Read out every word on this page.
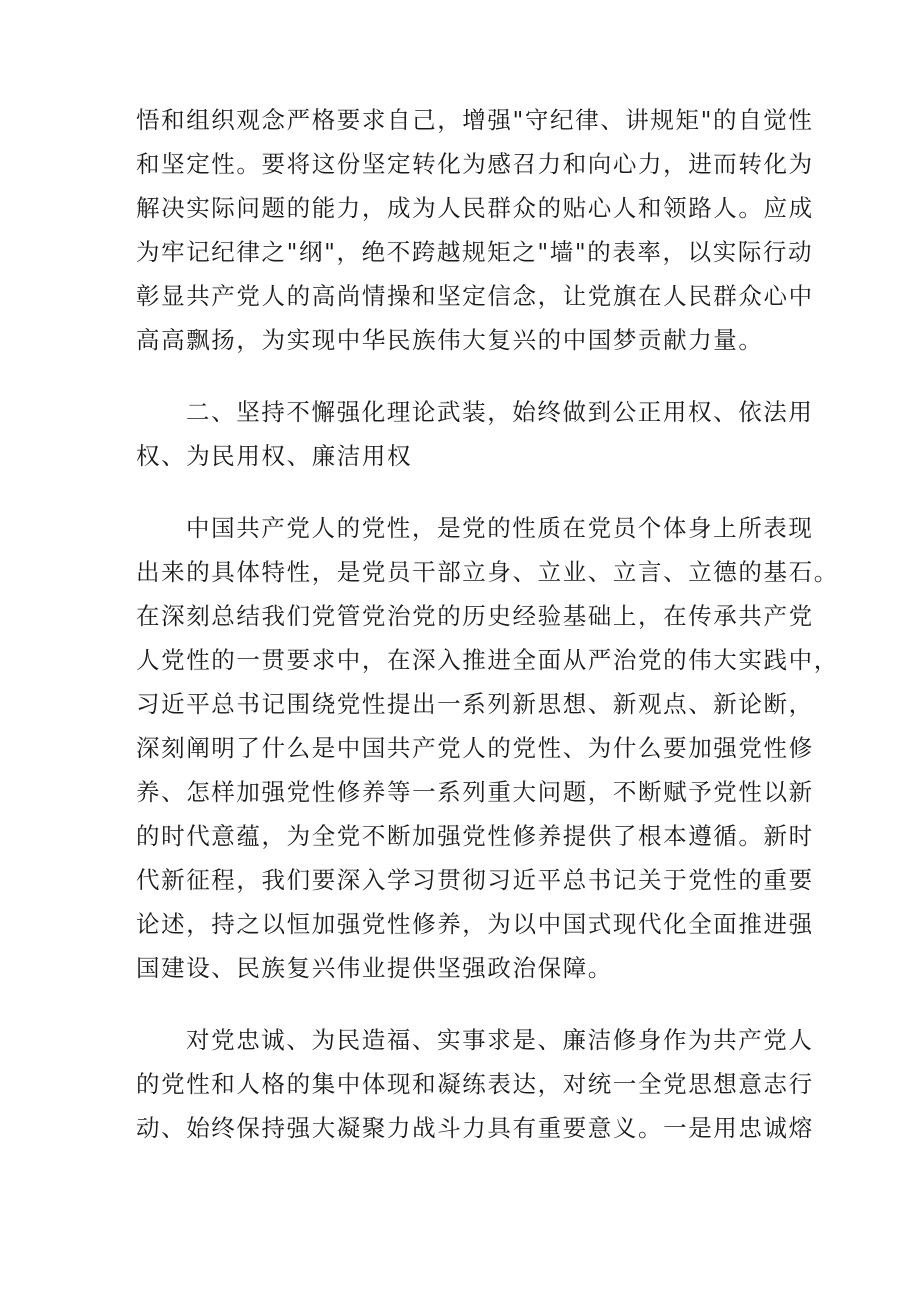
悟和组织观念严格要求自己，增强"守纪律、讲规矩"的自觉性
和坚定性。要将这份坚定转化为感召力和向心力，进而转化为
解决实际问题的能力，成为人民群众的贴心人和领路人。应成
为牢记纪律之"纲"，绝不跨越规矩之"墙"的表率，以实际行动
彰显共产党人的高尚情操和坚定信念，让党旗在人民群众心中
高高飘扬，为实现中华民族伟大复兴的中国梦贡献力量。
二、坚持不懈强化理论武装，始终做到公正用权、依法用
权、为民用权、廉洁用权
中国共产党人的党性，是党的性质在党员个体身上所表现
出来的具体特性，是党员干部立身、立业、立言、立德的基石。
在深刻总结我们党管党治党的历史经验基础上，在传承共产党
人党性的一贯要求中，在深入推进全面从严治党的伟大实践中，
习近平总书记围绕党性提出一系列新思想、新观点、新论断，
深刻阐明了什么是中国共产党人的党性、为什么要加强党性修
养、怎样加强党性修养等一系列重大问题，不断赋予党性以新
的时代意蕴，为全党不断加强党性修养提供了根本遵循。新时
代新征程，我们要深入学习贯彻习近平总书记关于党性的重要
论述，持之以恒加强党性修养，为以中国式现代化全面推进强
国建设、民族复兴伟业提供坚强政治保障。
对党忠诚、为民造福、实事求是、廉洁修身作为共产党人
的党性和人格的集中体现和凝练表达，对统一全党思想意志行
动、始终保持强大凝聚力战斗力具有重要意义。一是用忠诚熔
